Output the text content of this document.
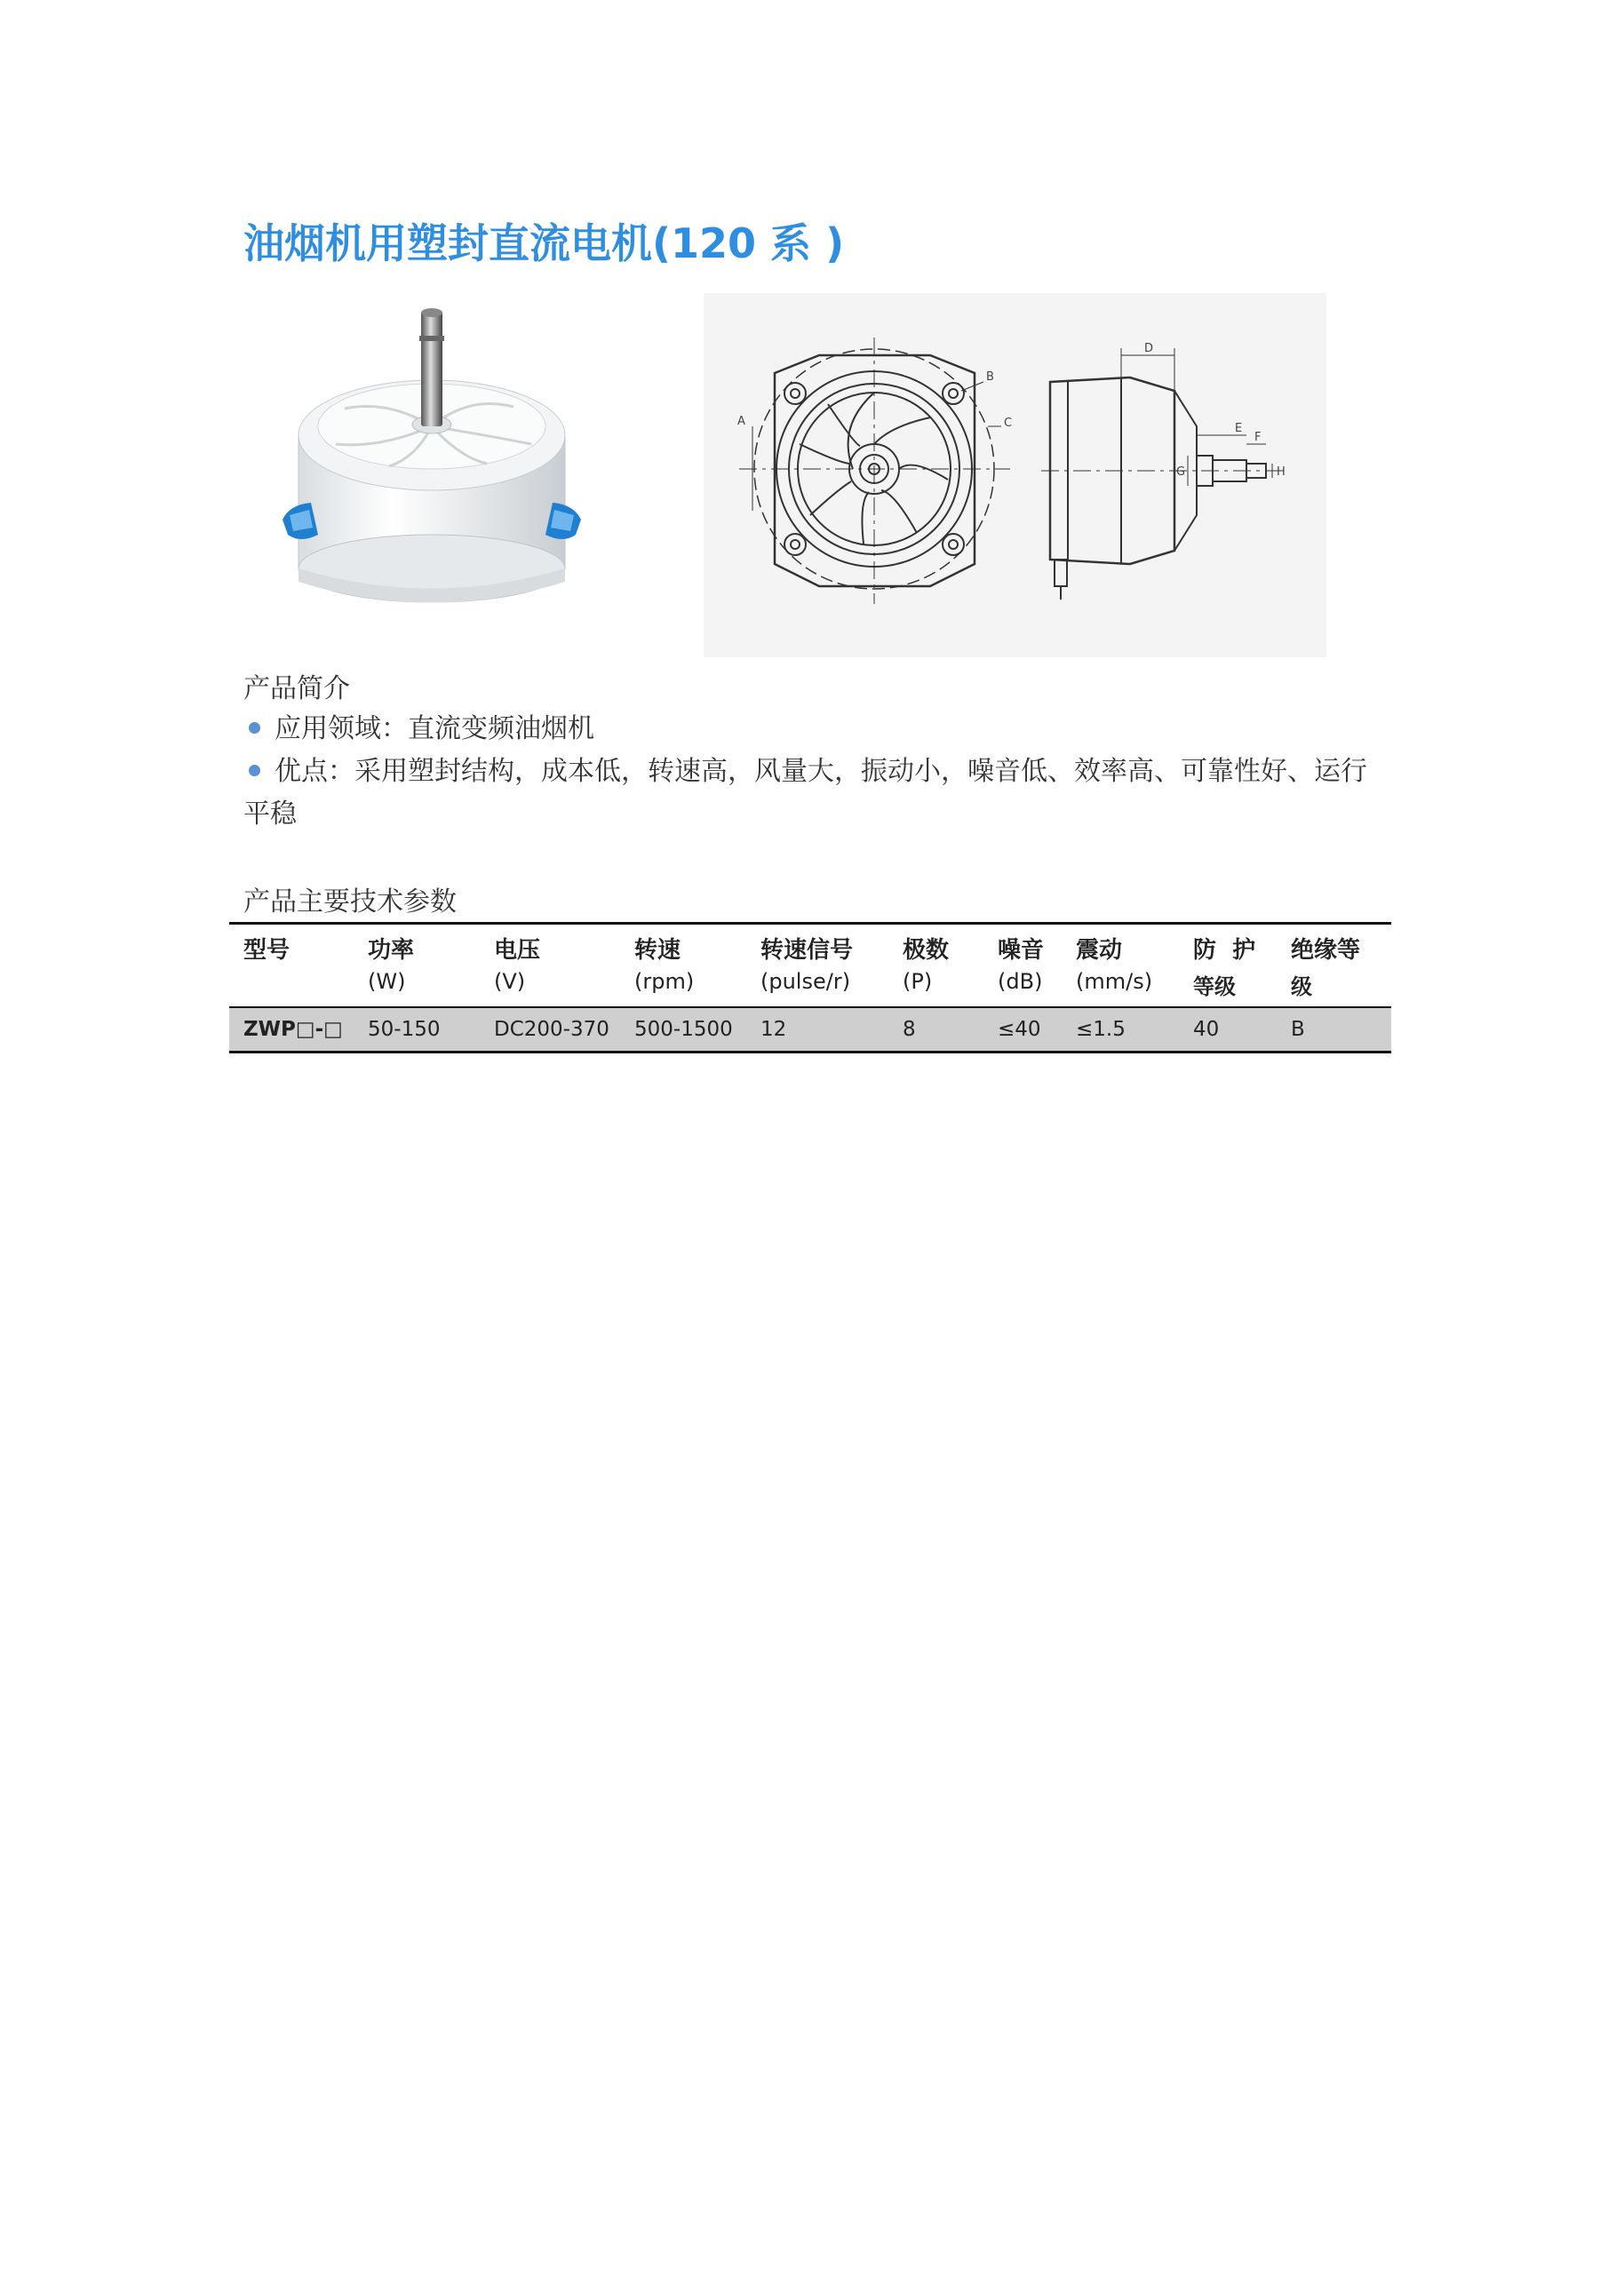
油烟机用塑封直流电机(120 系 )
A
B
C
D
E
F
G	H
产品简介
应用领域：直流变频油烟机
优点：采用塑封结构，成本低，转速高，风量大，振动小，噪音低、效率高、可靠性好、运行平稳
产品主要技术参数
型号	功率	电压	转速	转速信号	极数	噪音	震动	防  护	绝缘等
	(W)	(V)	(rpm)	(pulse/r)	(P)	(dB)	(mm/s)	等级	级
ZWP□-□	50-150	DC200-370	500-1500	12	8	≤40	≤1.5	40	B
